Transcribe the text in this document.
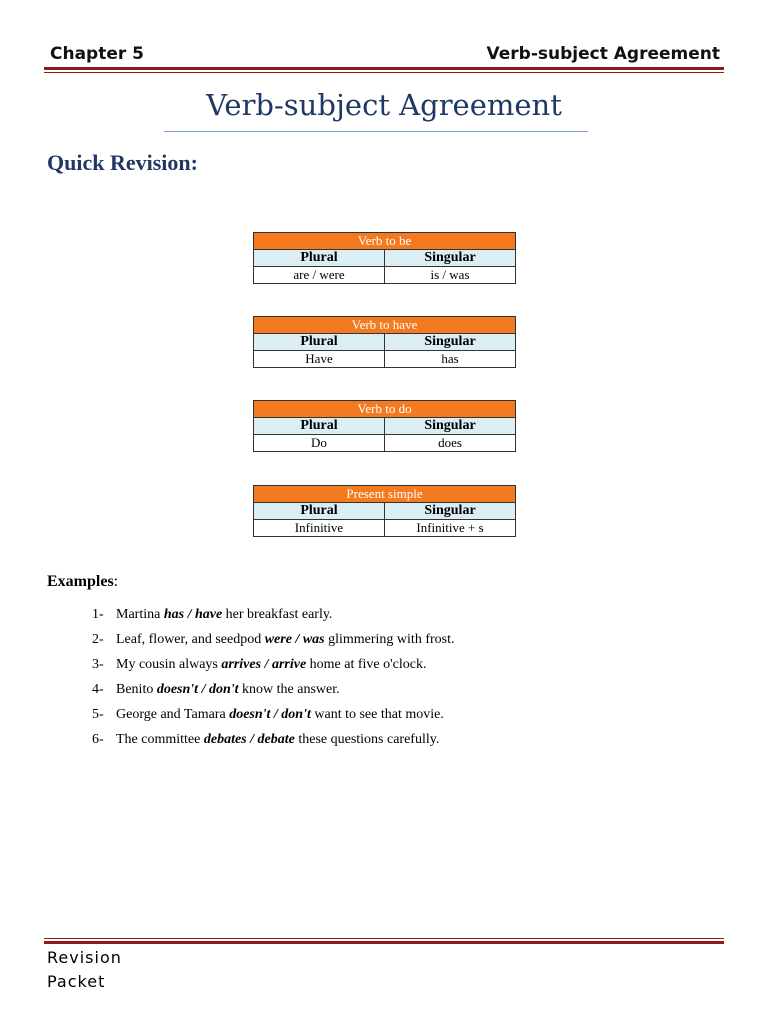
Chapter 5	Verb-subject Agreement
Verb-subject Agreement
Quick Revision:
Verb to be	
Plural	Singular
are / were	is / was
Verb to have	
Plural	Singular
Have	has
Verb to do	
Plural	Singular
Do	does
Present simple	
Plural	Singular
Infinitive	Infinitive + s
Examples:
1- Martina has / have her breakfast early.
2- Leaf, flower, and seedpod were / was glimmering with frost.
3- My cousin always arrives / arrive home at five o'clock.
4- Benito doesn't / don't know the answer.
5- George and Tamara doesn't / don't want to see that movie.
6- The committee debates / debate these questions carefully.
Revision
Packet
